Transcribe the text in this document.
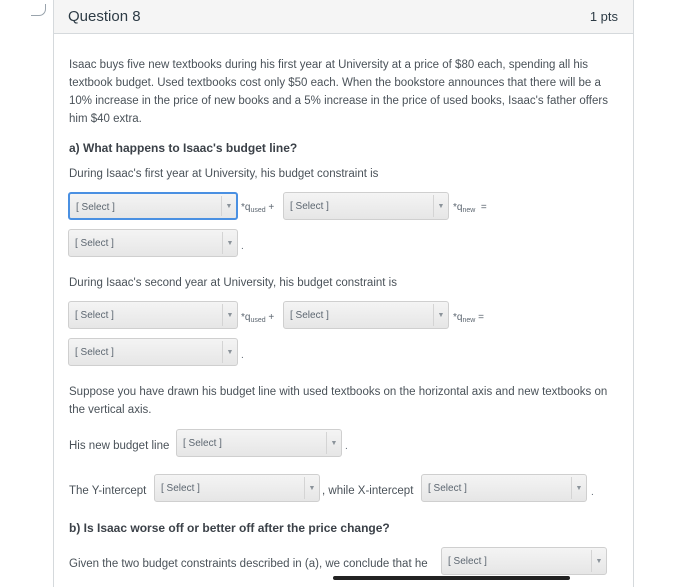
Question 8	1 pts
Isaac buys five new textbooks during his first year at University at a price of $80 each, spending all his textbook budget. Used textbooks cost only $50 each. When the bookstore announces that there will be a 10% increase in the price of new books and a 5% increase in the price of used books, Isaac's father offers him $40 extra.
a) What happens to Isaac's budget line?
During Isaac's first year at University, his budget constraint is
[ Select ]	▼ $*q_{used}$ + [ Select ]	▼ $*q_{new}$ =
[ Select ]	▼ .
During Isaac's second year at University, his budget constraint is
[ Select ]	▼ $*q_{used}$ + [ Select ]	▼ $*q_{new}$ =
[ Select ]	▼ .
Suppose you have drawn his budget line with used textbooks on the horizontal axis and new textbooks on the vertical axis.
His new budget line [ Select ]	▼ .
The Y-intercept [ Select ]	▼ , while X-intercept [ Select ]	▼ .
b) Is Isaac worse off or better off after the price change?
Given the two budget constraints described in (a), we conclude that he [ Select ]	▼
